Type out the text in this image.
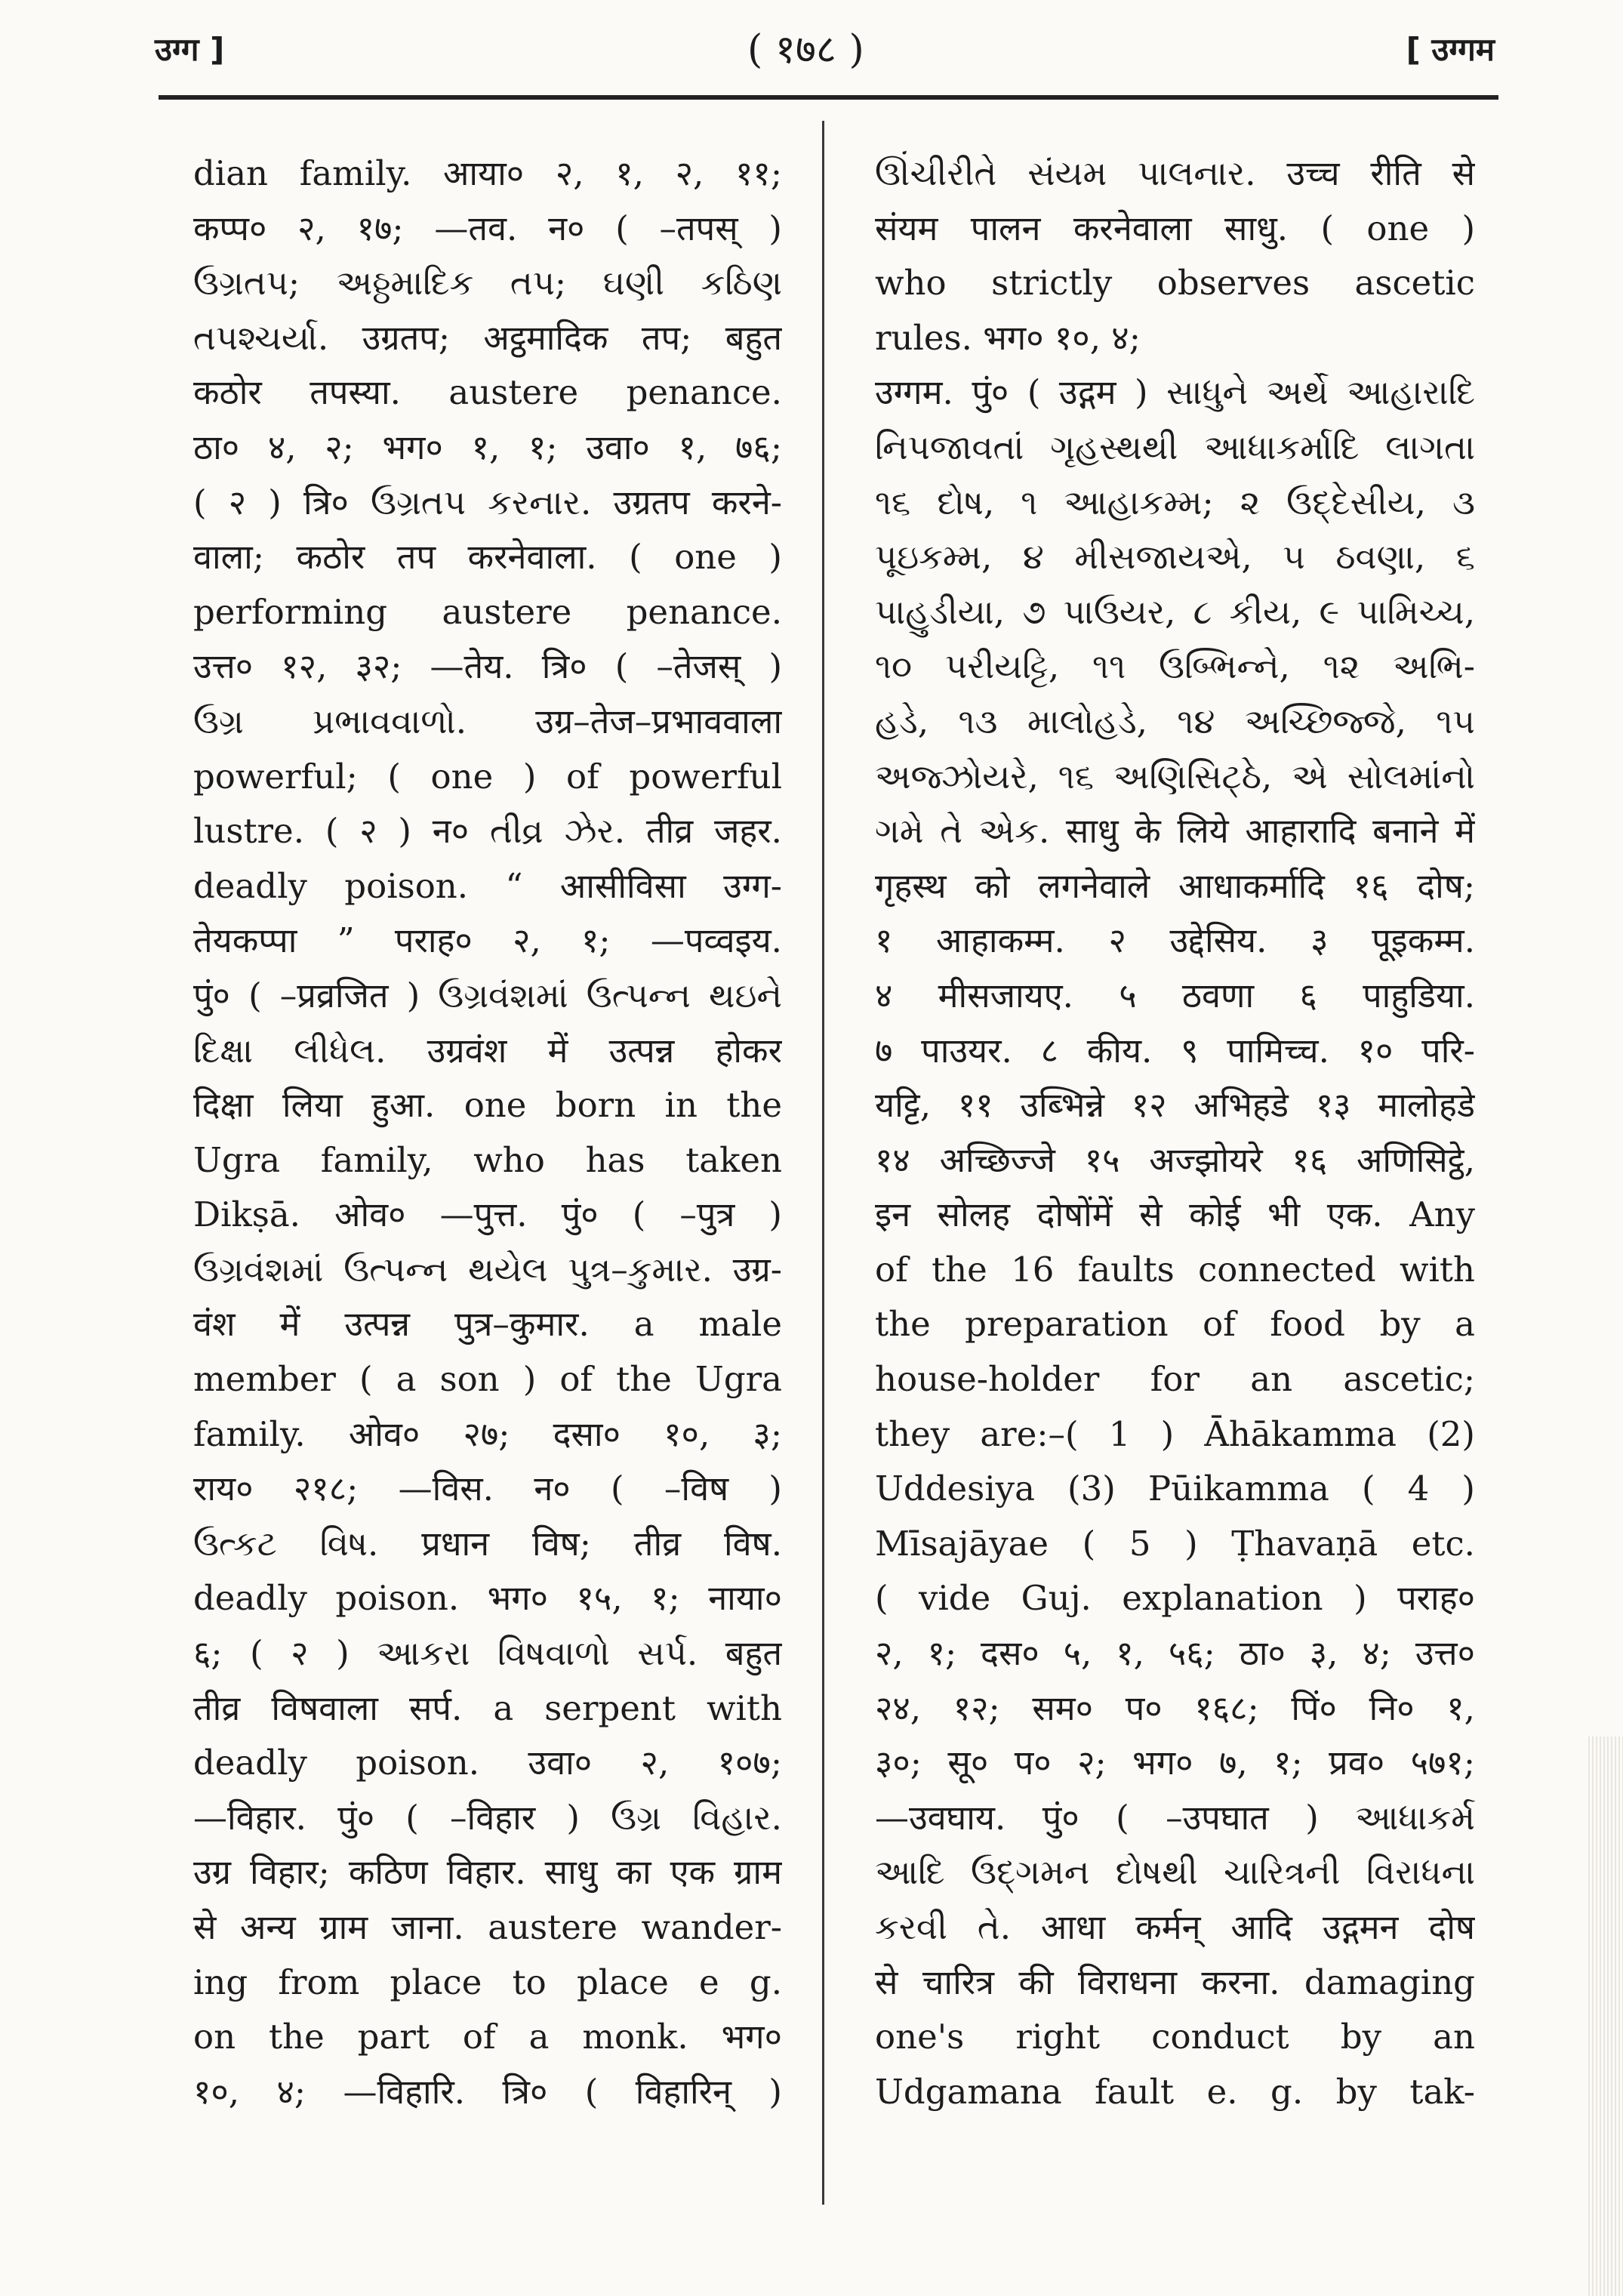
उग्ग ]	( १७८ )	[ उग्गम
dian family. आया० २, १, २, ११;
कप्प० २, १७; —तव. न० ( –तपस् )
ઉગ્રતપ; અઠ્ઠમાદિક તપ; ઘણી કઠિણ
તપશ્ચર્યા. उग्रतप; अट्ठमादिक तप; बहुत
कठोर तपस्या. austere penance.
ठा० ४, २; भग० १, १; उवा० १, ७६;
( २ ) त्रि० ઉગ્રતપ કરનાર. उग्रतप करने-
वाला; कठोर तप करनेवाला. ( one )
performing austere penance.
उत्त० १२, ३२; —तेय. त्रि० ( –तेजस् )
ઉગ્ર પ્રભાવવાળો. उग्र–तेज–प्रभाववाला
powerful; ( one ) of powerful
lustre. ( २ ) न० તીવ્ર ઝેર. तीव्र जहर.
deadly poison. “ आसीविसा उग्ग-
तेयकप्पा ” पराह० २, १; —पव्वइय.
पुं० ( –प्रव्रजित ) ઉગ્રવંશમાં ઉત્પન્ન થઇને
દિક્ષા લીધેલ. उग्रवंश में उत्पन्न होकर
दिक्षा लिया हुआ. one born in the
Ugra family, who has taken
Dikṣā. ओव० —पुत्त. पुं० ( –पुत्र )
ઉગ્રવંશમાં ઉત્પન્ન થયેલ પુત્ર–કુમાર. उग्र-
वंश में उत्पन्न पुत्र–कुमार. a male
member ( a son ) of the Ugra
family. ओव० २७; दसा० १०, ३;
राय० २१८; —विस. न० ( –विष )
ઉત્કટ વિષ. प्रधान विष; तीव्र विष.
deadly poison. भग० १५, १; नाया०
६; ( २ ) આકરા વિષવાળો સર્પ. बहुत
तीव्र विषवाला सर्प. a serpent with
deadly poison. उवा० २, १०७;
—विहार. पुं० ( –विहार ) ઉગ્ર વિહાર.
उग्र विहार; कठिण विहार. साधु का एक ग्राम
से अन्य ग्राम जाना. austere wander-
ing from place to place e g.
on the part of a monk. भग०
१०, ४; —विहारि. त्रि० ( विहारिन् )
ઊંચીરીતે સંયમ પાલનાર. उच्च रीति से
संयम पालन करनेवाला साधु. ( one )
who strictly observes ascetic
rules. भग० १०, ४;
उग्गम. पुं० ( उद्गम ) સાધુને અર્થે આહારાદિ
નિપજાવતાં ગૃહસ્થથી આધાકર્માદિ લાગતા
૧૬ દોષ, ૧ આહાકમ્મ; ૨ ઉદ્દેસીય, ૩
પૂઇકમ્મ, ૪ મીસજાયએ, ૫ ઠવણા, ૬
પાહુડીયા, ૭ પાઉયર, ૮ કીય, ૯ પામિચ્ચ,
૧૦ પરીયટ્ટિ, ૧૧ ઉબ્ભિન્ને, ૧૨ અભિ-
હડે, ૧૩ માલોહડે, ૧૪ અચ્છિજ્જે, ૧૫
અજ્ઝોયરે, ૧૬ અણિસિટ્ઠે, એ સોલમાંનો
ગમે તે એક. साधु के लिये आहारादि बनाने में
गृहस्थ को लगनेवाले आधाकर्मादि १६ दोष;
१ आहाकम्म. २ उद्देसिय. ३ पूइकम्म.
४ मीसजायए. ५ ठवणा ६ पाहुडिया.
७ पाउयर. ८ कीय. ९ पामिच्च. १० परि-
यट्टि, ११ उब्भिन्ने १२ अभिहडे १३ मालोहडे
१४ अच्छिज्जे १५ अज्झोयरे १६ अणिसिट्ठे,
इन सोलह दोषोंमें से कोई भी एक. Any
of the 16 faults connected with
the preparation of food by a
house-holder for an ascetic;
they are:–( 1 ) Āhākamma (2)
Uddesiya (3) Pūikamma ( 4 )
Mīsajāyae ( 5 ) Ṭhavaṇā etc.
( vide Guj. explanation ) पराह०
२, १; दस० ५, १, ५६; ठा० ३, ४; उत्त०
२४, १२; सम० प० १६८; पिं० नि० १,
३०; सू० प० २; भग० ७, १; प्रव० ५७१;
—उवघाय. पुं० ( –उपघात ) આધાકર્મ
આદિ ઉદ્ગમન દોષથી ચારિત્રની વિરાધના
કરવી તે. आधा कर्मन् आदि उद्गमन दोष
से चारित्र की विराधना करना. damaging
one's right conduct by an
Udgamana fault e. g. by tak-
